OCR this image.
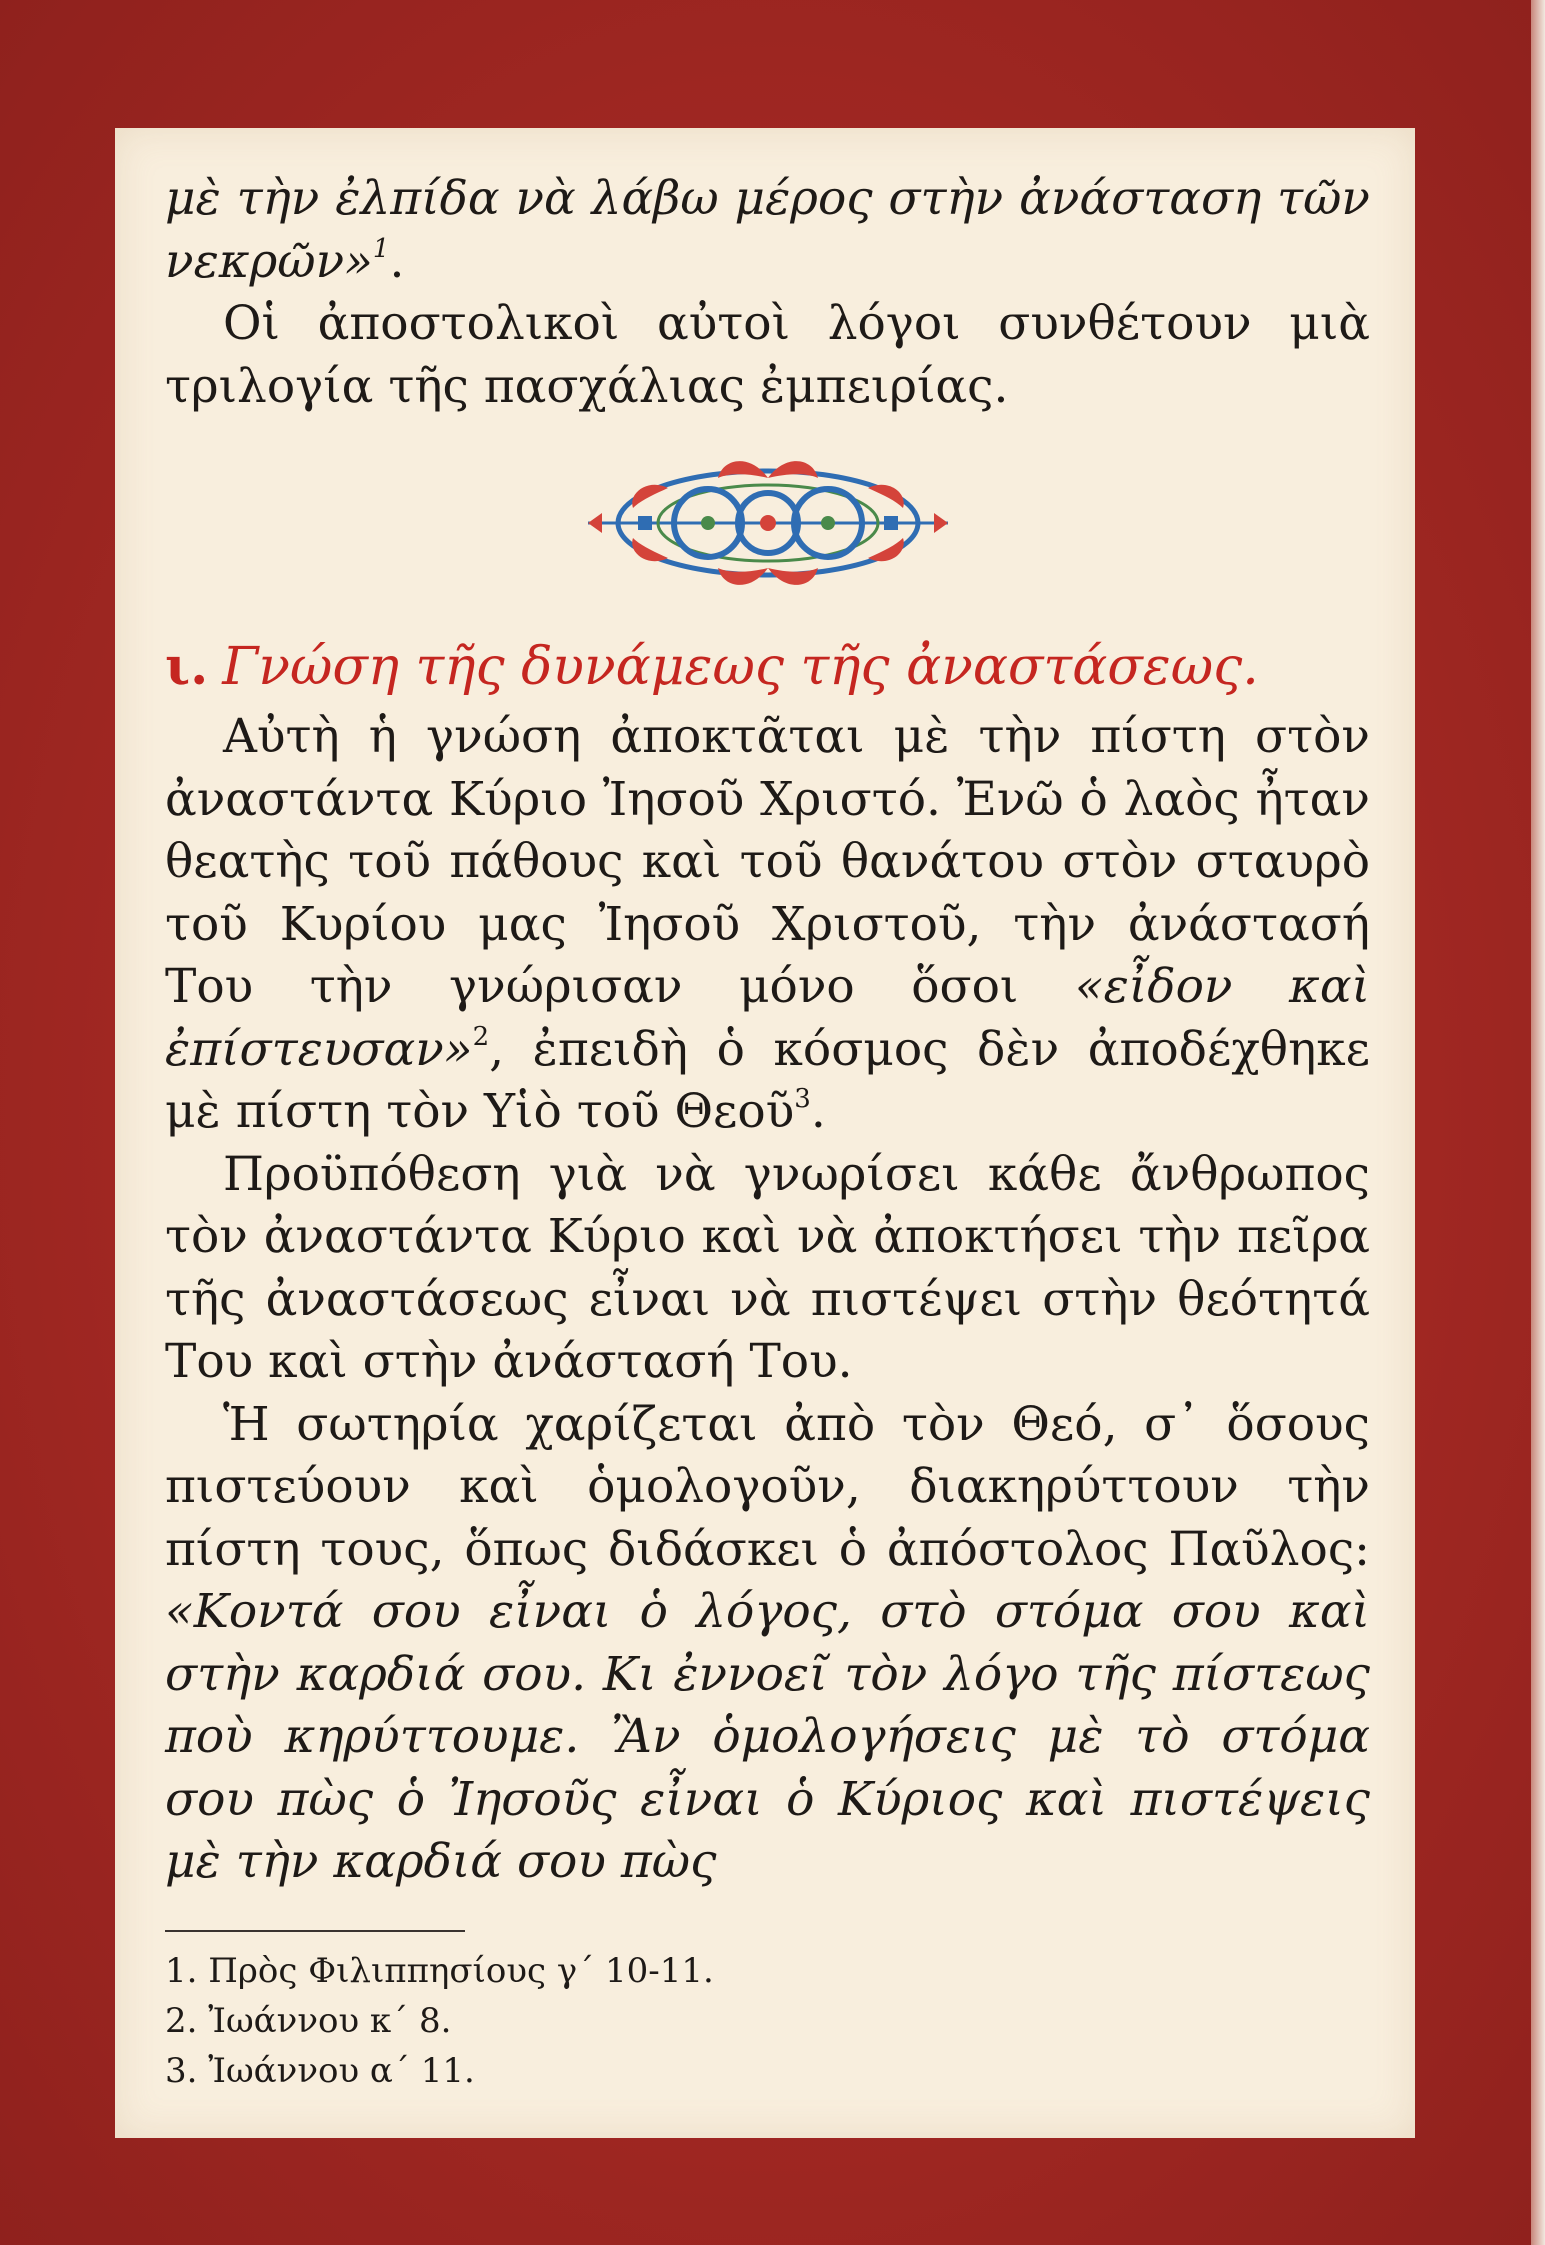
μὲ τὴν ἐλπίδα νὰ λάβω μέρος στὴν ἀνάσταση τῶν νεκρῶν»$^1$.

Οἱ ἀποστολικοὶ αὐτοὶ λόγοι συνθέτουν μιὰ τριλογία τῆς πασχάλιας ἐμπειρίας.

ι. Γνώση τῆς δυνάμεως τῆς ἀναστάσεως.

Αὐτὴ ἡ γνώση ἀποκτᾶται μὲ τὴν πίστη στὸν ἀναστάντα Κύριο Ἰησοῦ Χριστό. Ἐνῶ ὁ λαὸς ἦταν θεατὴς τοῦ πάθους καὶ τοῦ θανάτου στὸν σταυρὸ τοῦ Κυρίου μας Ἰησοῦ Χριστοῦ, τὴν ἀνάστασή Του τὴν γνώρισαν μόνο ὅσοι «εἶδον καὶ ἐπίστευσαν»$^2$, ἐπειδὴ ὁ κόσμος δὲν ἀποδέχθηκε μὲ πίστη τὸν Υἱὸ τοῦ Θεοῦ$^3$.

Προϋπόθεση γιὰ νὰ γνωρίσει κάθε ἄνθρωπος τὸν ἀναστάντα Κύριο καὶ νὰ ἀποκτήσει τὴν πεῖρα τῆς ἀναστάσεως εἶναι νὰ πιστέψει στὴν θεότητά Του καὶ στὴν ἀνάστασή Του.

Ἡ σωτηρία χαρίζεται ἀπὸ τὸν Θεό, σ᾽ ὅσους πιστεύουν καὶ ὁμολογοῦν, διακηρύττουν τὴν πίστη τους, ὅπως διδάσκει ὁ ἀπόστολος Παῦλος: «Κοντά σου εἶναι ὁ λόγος, στὸ στόμα σου καὶ στὴν καρδιά σου. Κι ἐννοεῖ τὸν λόγο τῆς πίστεως ποὺ κηρύττουμε. Ἂν ὁμολογήσεις μὲ τὸ στόμα σου πὼς ὁ Ἰησοῦς εἶναι ὁ Κύριος καὶ πιστέψεις μὲ τὴν καρδιά σου πὼς

1. Πρὸς Φιλιππησίους γ΄ 10-11.
2. Ἰωάννου κ΄ 8.
3. Ἰωάννου α΄ 11.
